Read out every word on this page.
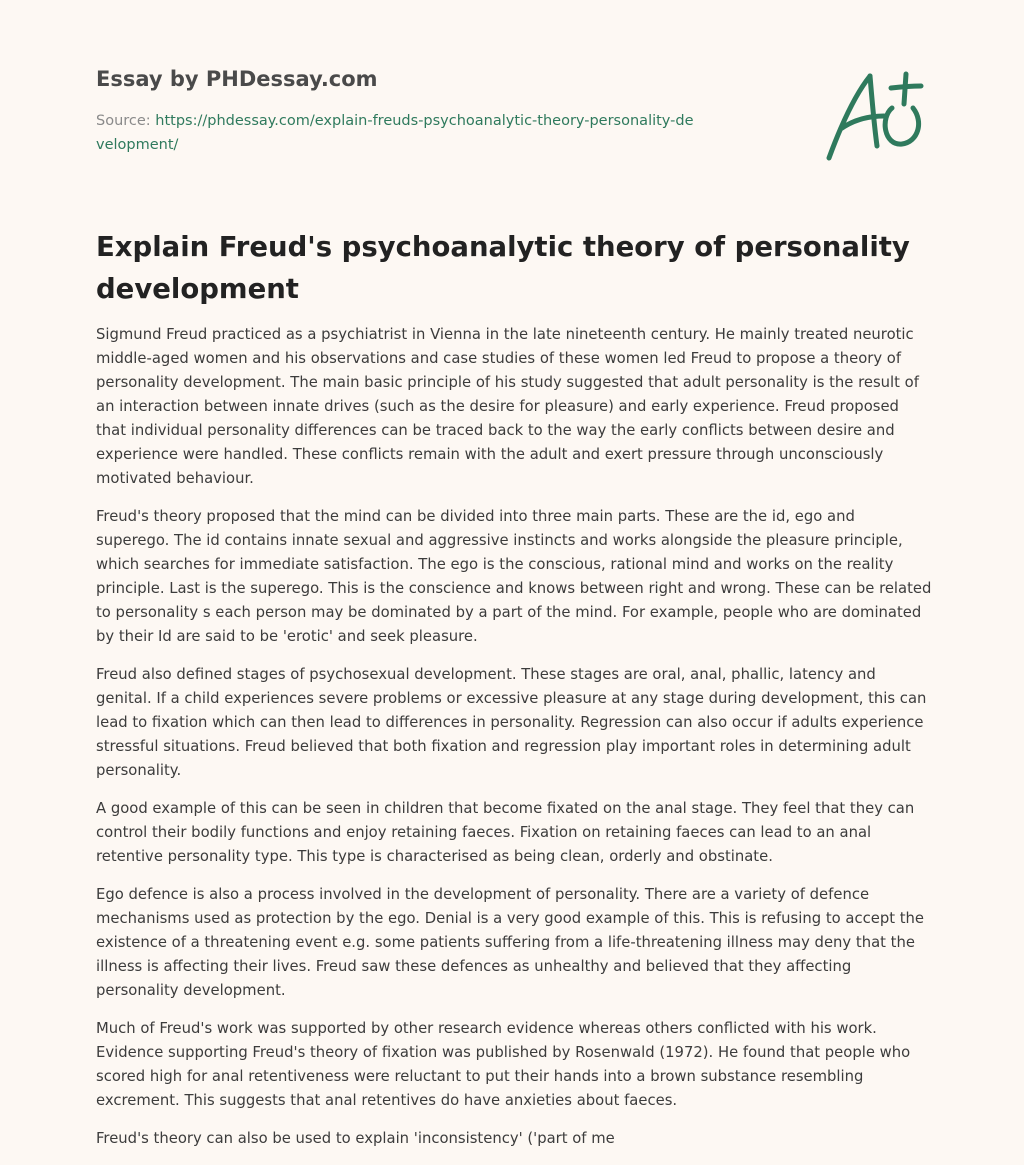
Essay by PHDessay.com
Source: https://phdessay.com/explain-freuds-psychoanalytic-theory-personality-development/
Explain Freud's psychoanalytic theory of personality development

Sigmund Freud practiced as a psychiatrist in Vienna in the late nineteenth century. He mainly treated neurotic middle-aged women and his observations and case studies of these women led Freud to propose a theory of personality development. The main basic principle of his study suggested that adult personality is the result of an interaction between innate drives (such as the desire for pleasure) and early experience. Freud proposed that individual personality differences can be traced back to the way the early conflicts between desire and experience were handled. These conflicts remain with the adult and exert pressure through unconsciously motivated behaviour.

Freud's theory proposed that the mind can be divided into three main parts. These are the id, ego and superego. The id contains innate sexual and aggressive instincts and works alongside the pleasure principle, which searches for immediate satisfaction. The ego is the conscious, rational mind and works on the reality principle. Last is the superego. This is the conscience and knows between right and wrong. These can be related to personality s each person may be dominated by a part of the mind. For example, people who are dominated by their Id are said to be 'erotic' and seek pleasure.

Freud also defined stages of psychosexual development. These stages are oral, anal, phallic, latency and genital. If a child experiences severe problems or excessive pleasure at any stage during development, this can lead to fixation which can then lead to differences in personality. Regression can also occur if adults experience stressful situations. Freud believed that both fixation and regression play important roles in determining adult personality.

A good example of this can be seen in children that become fixated on the anal stage. They feel that they can control their bodily functions and enjoy retaining faeces. Fixation on retaining faeces can lead to an anal retentive personality type. This type is characterised as being clean, orderly and obstinate.

Ego defence is also a process involved in the development of personality. There are a variety of defence mechanisms used as protection by the ego. Denial is a very good example of this. This is refusing to accept the existence of a threatening event e.g. some patients suffering from a life-threatening illness may deny that the illness is affecting their lives. Freud saw these defences as unhealthy and believed that they affecting personality development.

Much of Freud's work was supported by other research evidence whereas others conflicted with his work. Evidence supporting Freud's theory of fixation was published by Rosenwald (1972). He found that people who scored high for anal retentiveness were reluctant to put their hands into a brown substance resembling excrement. This suggests that anal retentives do have anxieties about faeces.

Freud's theory can also be used to explain 'inconsistency' ('part of me
